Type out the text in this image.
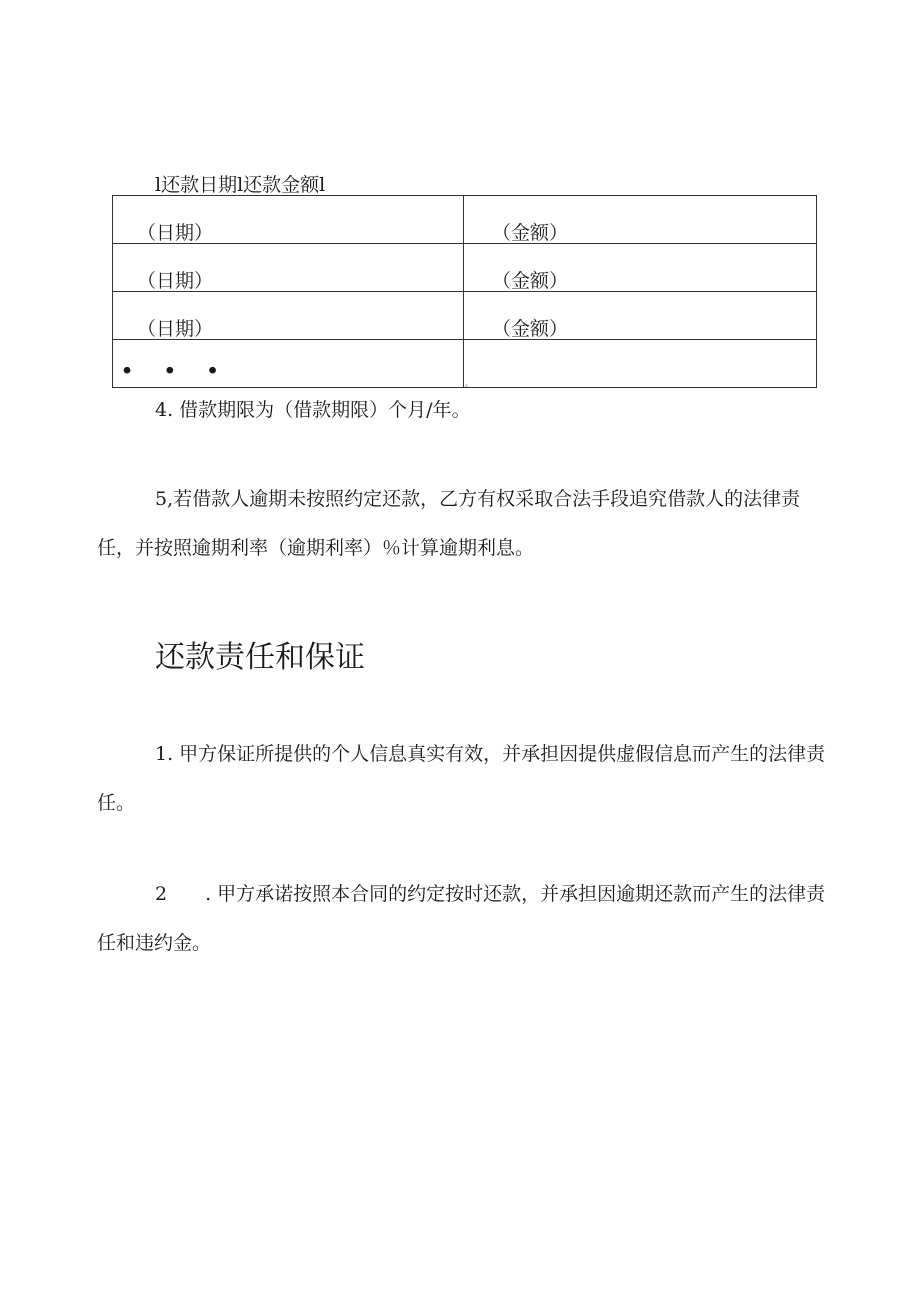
l还款日期l还款金额l
（日期）	（金额）

（日期）	（金额）

（日期）	（金额）

• • •	。

4. 借款期限为（借款期限）个月/年。

5,若借款人逾期未按照约定还款，乙方有权采取合法手段追究借款人的法律责任，并按照逾期利率（逾期利率）％计算逾期利息。

还款责任和保证

1. 甲方保证所提供的个人信息真实有效，并承担因提供虚假信息而产生的法律责任。

2　　. 甲方承诺按照本合同的约定按时还款，并承担因逾期还款而产生的法律责任和违约金。
